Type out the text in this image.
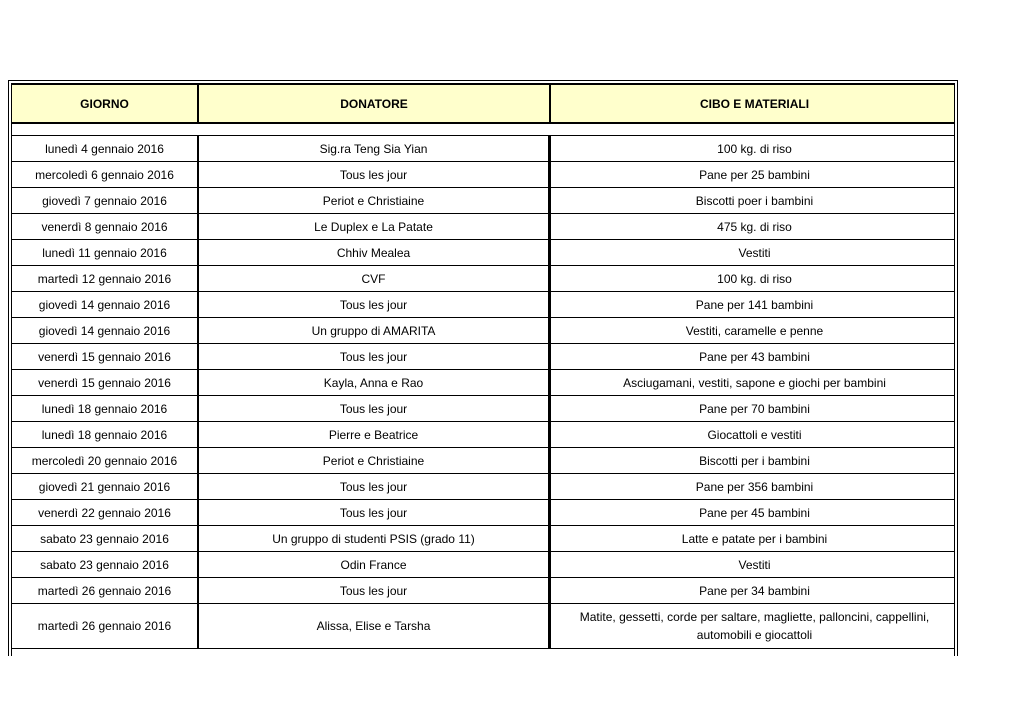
GIORNO	DONATORE	CIBO E MATERIALI

lunedì 4 gennaio 2016	Sig.ra Teng Sia Yian	100 kg. di riso
mercoledì 6 gennaio 2016	Tous les jour	Pane per 25 bambini
giovedì 7 gennaio 2016	Periot e Christiaine	Biscotti poer i bambini
venerdì 8 gennaio 2016	Le Duplex e La Patate	475 kg. di riso
lunedì 11 gennaio 2016	Chhiv Mealea	Vestiti
martedì 12 gennaio 2016	CVF	100 kg. di riso
giovedì 14 gennaio 2016	Tous les jour	Pane per 141 bambini
giovedì 14 gennaio 2016	Un gruppo di AMARITA	Vestiti, caramelle e penne
venerdì 15 gennaio 2016	Tous les jour	Pane per 43 bambini
venerdì 15 gennaio 2016	Kayla, Anna e Rao	Asciugamani, vestiti, sapone e giochi per bambini
lunedì 18 gennaio 2016	Tous les jour	Pane per 70 bambini
lunedì 18 gennaio 2016	Pierre e Beatrice	Giocattoli e vestiti
mercoledì 20 gennaio 2016	Periot e Christiaine	Biscotti per i bambini
giovedì 21 gennaio 2016	Tous les jour	Pane per 356 bambini
venerdì 22 gennaio 2016	Tous les jour	Pane per 45 bambini
sabato 23 gennaio 2016	Un gruppo di studenti PSIS (grado 11)	Latte e patate per i bambini
sabato 23 gennaio 2016	Odin France	Vestiti
martedì 26 gennaio 2016	Tous les jour	Pane per 34 bambini
martedì 26 gennaio 2016	Alissa, Elise e Tarsha	Matite, gessetti, corde per saltare, magliette, palloncini, cappellini, automobili e giocattoli
